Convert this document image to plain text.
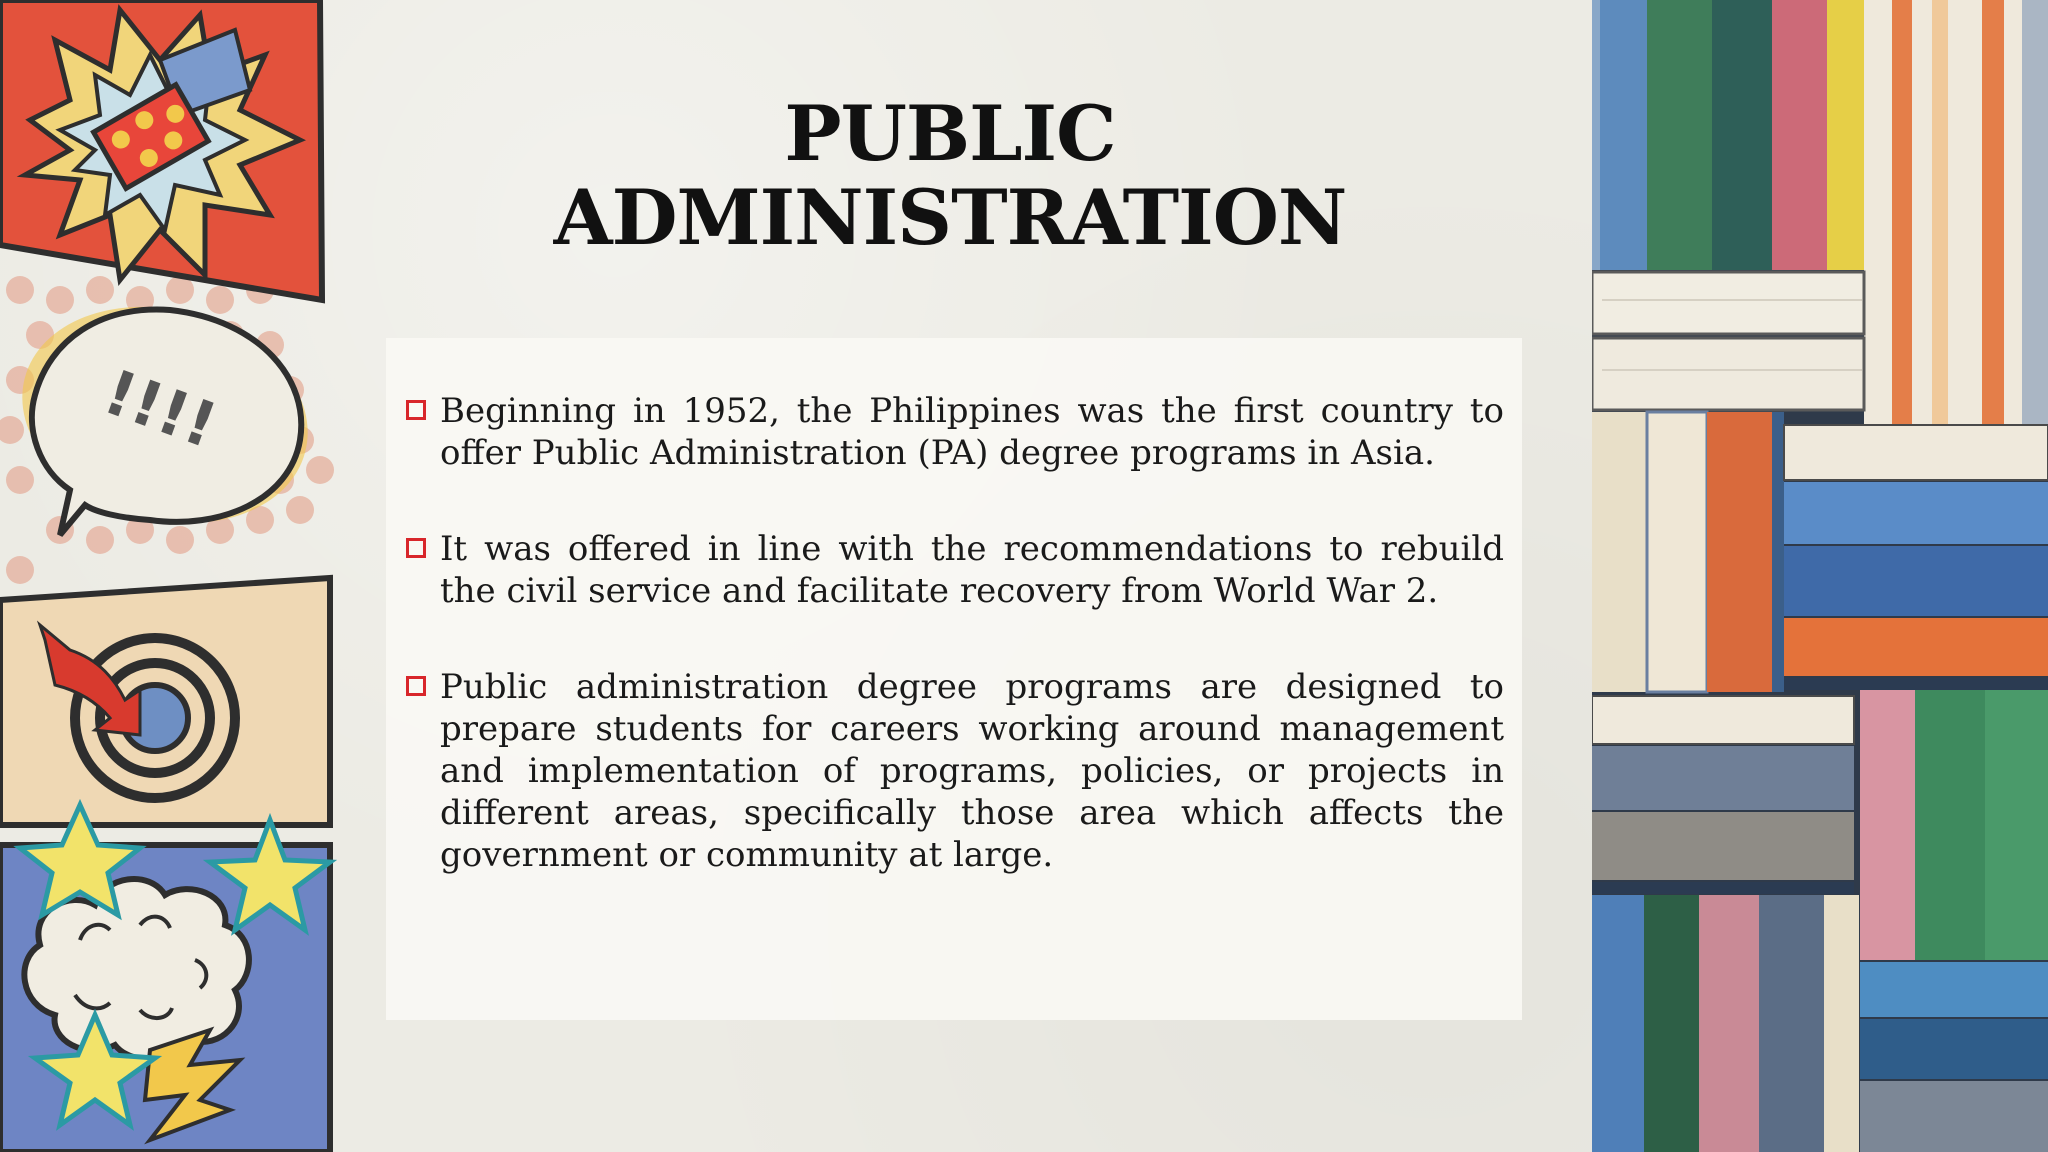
!!!!
PUBLIC
ADMINISTRATION
Beginning in 1952, the Philippines was the first country to offer Public Administration (PA) degree programs in Asia.
It was offered in line with the recommendations to rebuild the civil service and facilitate recovery from World War 2.
Public administration degree programs are designed to prepare students for careers working around management and implementation of programs, policies, or projects in different areas, specifically those area which affects the government or community at large.
